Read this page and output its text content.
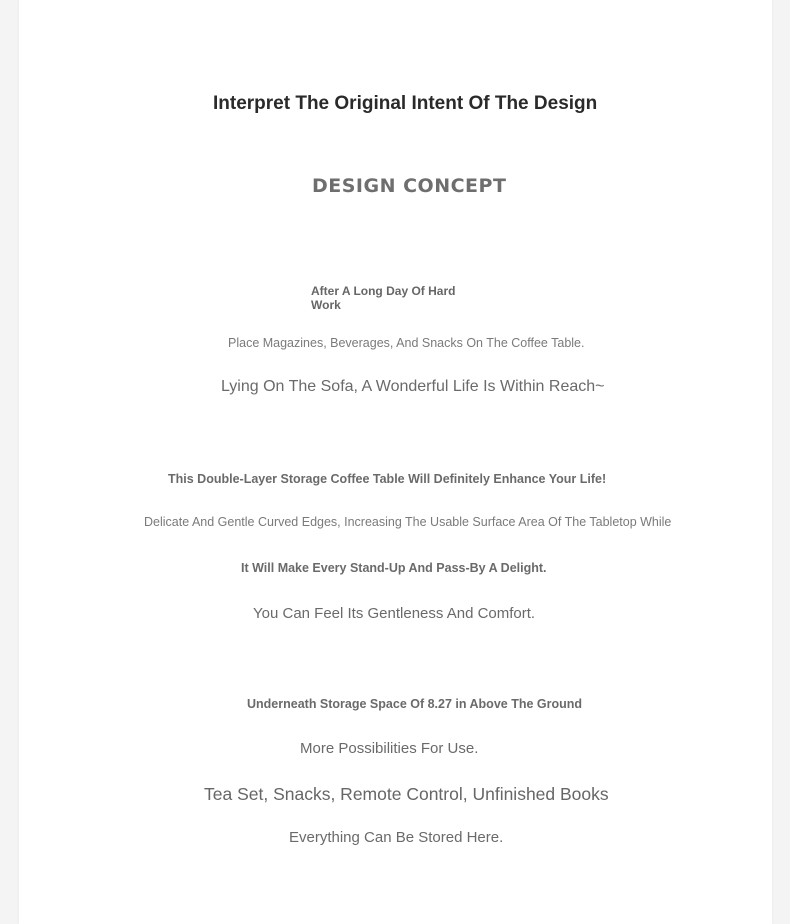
Interpret The Original Intent Of The Design
DESIGN CONCEPT
After A Long Day Of Hard Work
Place Magazines, Beverages, And Snacks On The Coffee Table.
Lying On The Sofa, A Wonderful Life Is Within Reach~
This Double-Layer Storage Coffee Table Will Definitely Enhance Your Life!
Delicate And Gentle Curved Edges, Increasing The Usable Surface Area Of The Tabletop While
It Will Make Every Stand-Up And Pass-By A Delight.
You Can Feel Its Gentleness And Comfort.
Underneath Storage Space Of 8.27 in Above The Ground
More Possibilities For Use.
Tea Set, Snacks, Remote Control, Unfinished Books
Everything Can Be Stored Here.
